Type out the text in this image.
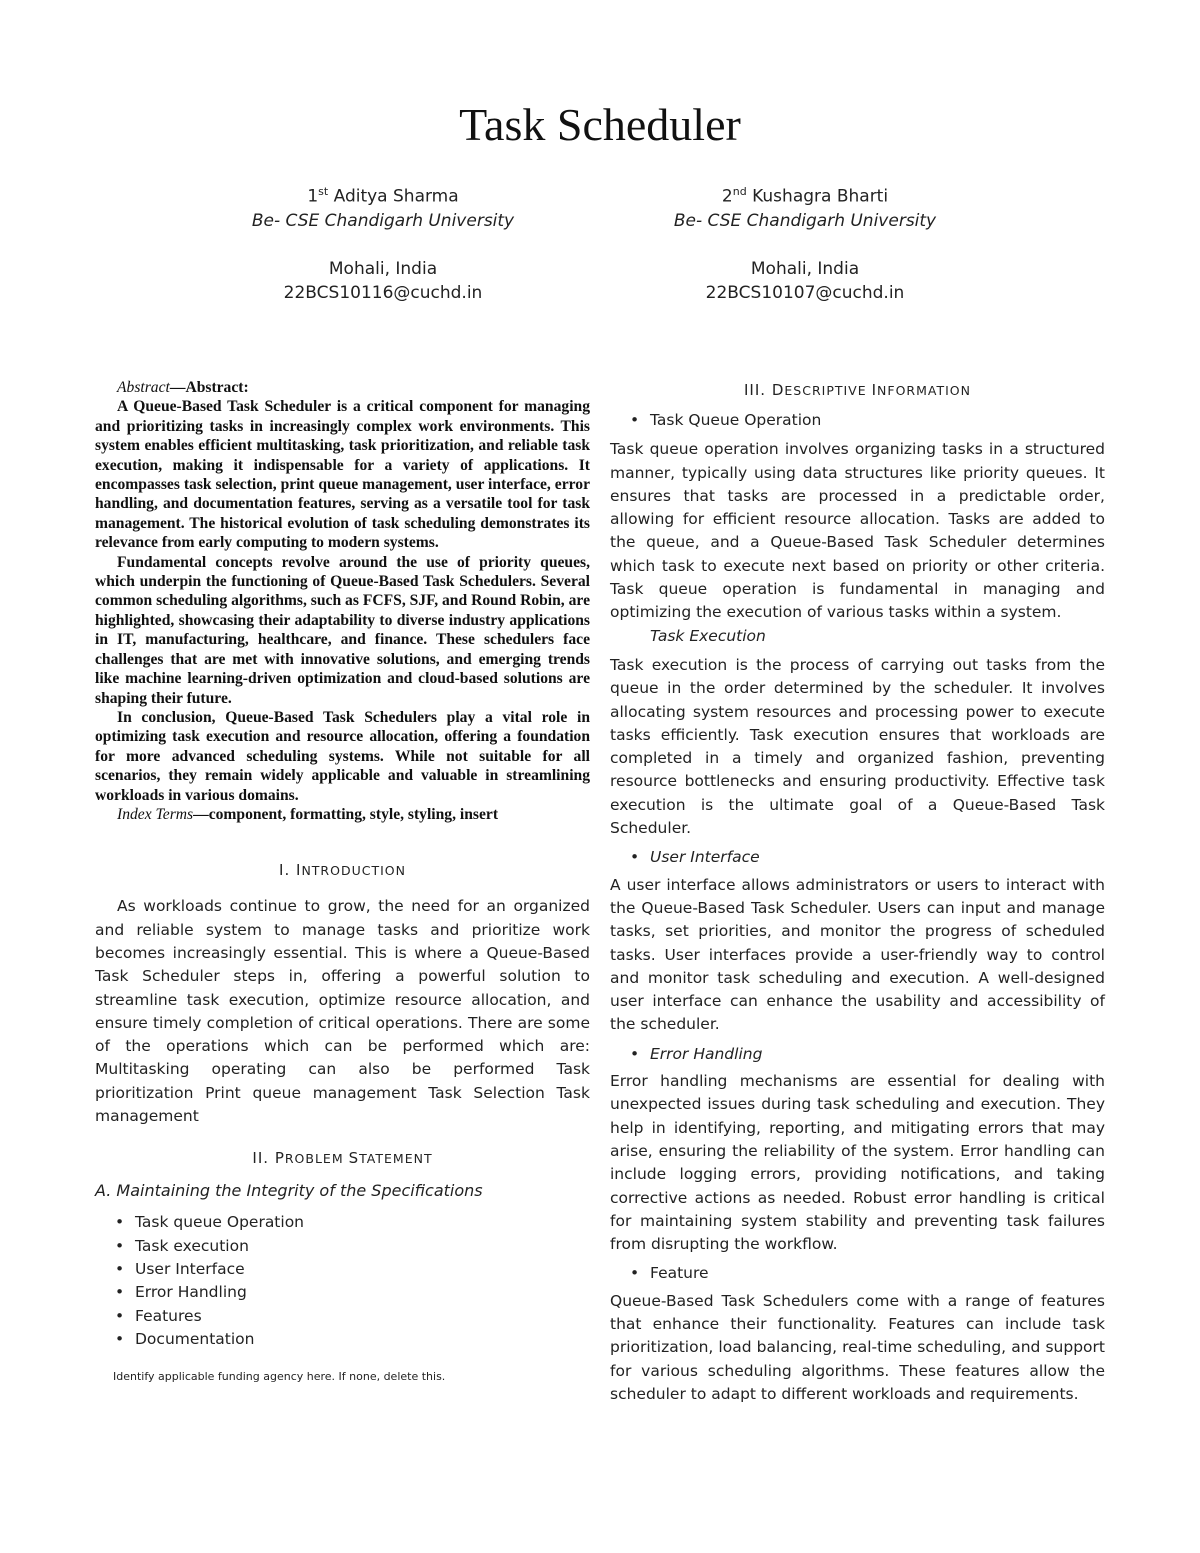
Task Scheduler
1st Aditya Sharma
Be- CSE Chandigarh University
Mohali, India
22BCS10116@cuchd.in
2nd Kushagra Bharti
Be- CSE Chandigarh University
Mohali, India
22BCS10107@cuchd.in

Abstract—Abstract:

A Queue-Based Task Scheduler is a critical component for managing and prioritizing tasks in increasingly complex work environments. This system enables efficient multitasking, task prioritization, and reliable task execution, making it indispensable for a variety of applications. It encompasses task selection, print queue management, user interface, error handling, and documentation features, serving as a versatile tool for task management. The historical evolution of task scheduling demonstrates its relevance from early computing to modern systems.

Fundamental concepts revolve around the use of priority queues, which underpin the functioning of Queue-Based Task Schedulers. Several common scheduling algorithms, such as FCFS, SJF, and Round Robin, are highlighted, showcasing their adaptability to diverse industry applications in IT, manufacturing, healthcare, and finance. These schedulers face challenges that are met with innovative solutions, and emerging trends like machine learning-driven optimization and cloud-based solutions are shaping their future.

In conclusion, Queue-Based Task Schedulers play a vital role in optimizing task execution and resource allocation, offering a foundation for more advanced scheduling systems. While not suitable for all scenarios, they remain widely applicable and valuable in streamlining workloads in various domains.

Index Terms—component, formatting, style, styling, insert

I. INTRODUCTION
As workloads continue to grow, the need for an organized and reliable system to manage tasks and prioritize work becomes increasingly essential. This is where a Queue-Based Task Scheduler steps in, offering a powerful solution to streamline task execution, optimize resource allocation, and ensure timely completion of critical operations. There are some of the operations which can be performed which are: Multitasking operating can also be performed Task prioritization Print queue management Task Selection Task management
II. PROBLEM STATEMENT
A. Maintaining the Integrity of the Specifications
• Task queue Operation
• Task execution
• User Interface
• Error Handling
• Features
• Documentation
Identify applicable funding agency here. If none, delete this.
III. DESCRIPTIVE INFORMATION
• Task Queue Operation
Task queue operation involves organizing tasks in a structured manner, typically using data structures like priority queues. It ensures that tasks are processed in a predictable order, allowing for efficient resource allocation. Tasks are added to the queue, and a Queue-Based Task Scheduler determines which task to execute next based on priority or other criteria. Task queue operation is fundamental in managing and optimizing the execution of various tasks within a system.
Task Execution
Task execution is the process of carrying out tasks from the queue in the order determined by the scheduler. It involves allocating system resources and processing power to execute tasks efficiently. Task execution ensures that workloads are completed in a timely and organized fashion, preventing resource bottlenecks and ensuring productivity. Effective task execution is the ultimate goal of a Queue-Based Task Scheduler.
• User Interface
A user interface allows administrators or users to interact with the Queue-Based Task Scheduler. Users can input and manage tasks, set priorities, and monitor the progress of scheduled tasks. User interfaces provide a user-friendly way to control and monitor task scheduling and execution. A well-designed user interface can enhance the usability and accessibility of the scheduler.
• Error Handling
Error handling mechanisms are essential for dealing with unexpected issues during task scheduling and execution. They help in identifying, reporting, and mitigating errors that may arise, ensuring the reliability of the system. Error handling can include logging errors, providing notifications, and taking corrective actions as needed. Robust error handling is critical for maintaining system stability and preventing task failures from disrupting the workflow.
• Feature
Queue-Based Task Schedulers come with a range of features that enhance their functionality. Features can include task prioritization, load balancing, real-time scheduling, and support for various scheduling algorithms. These features allow the scheduler to adapt to different workloads and requirements.
